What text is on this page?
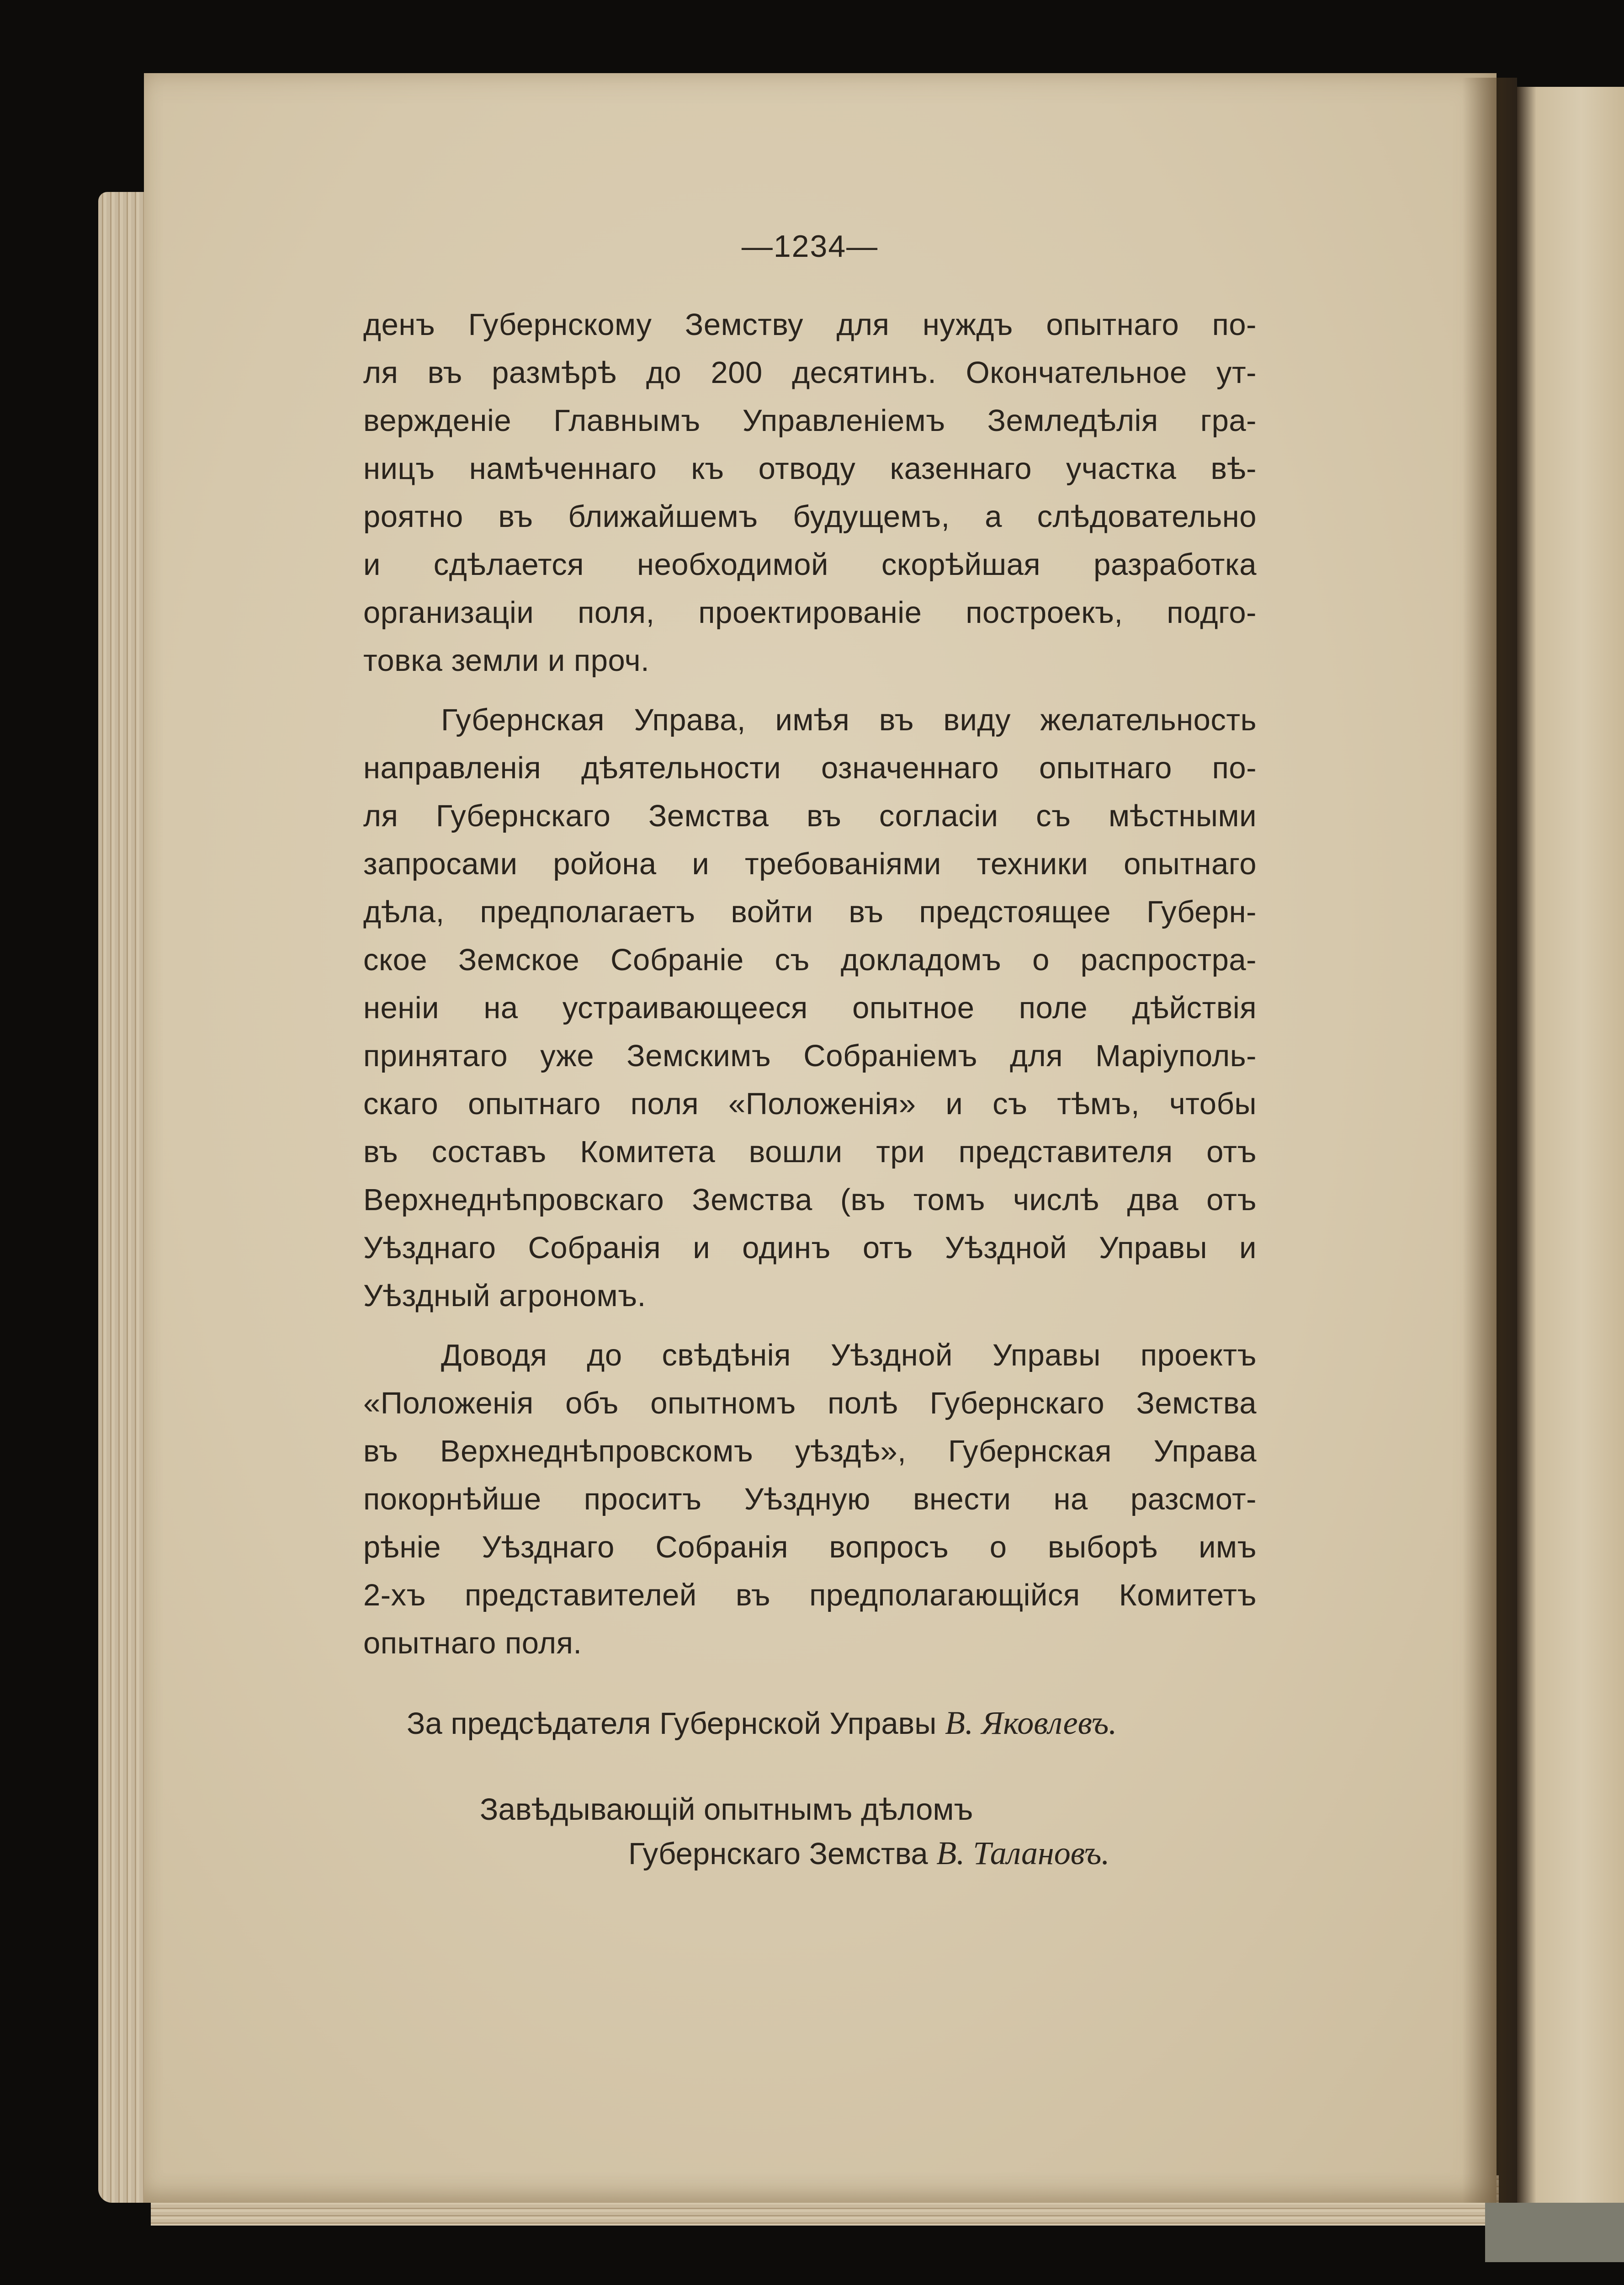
—1234—
денъ Губернскому Земству для нуждъ опытнаго по-
ля въ размѣрѣ до 200 десятинъ. Окончательное ут-
вержденіе Главнымъ Управленіемъ Земледѣлія гра-
ницъ намѣченнаго къ отводу казеннаго участка вѣ-
роятно въ ближайшемъ будущемъ, а слѣдовательно
и сдѣлается необходимой скорѣйшая разработка
организаціи поля, проектированіе построекъ, подго-
товка земли и проч.
Губернская Управа, имѣя въ виду желательность
направленія дѣятельности означеннаго опытнаго по-
ля Губернскаго Земства въ согласіи съ мѣстными
запросами ройона и требованіями техники опытнаго
дѣла, предполагаетъ войти въ предстоящее Губерн-
ское Земское Собраніе съ докладомъ о распростра-
неніи на устраивающееся опытное поле дѣйствія
принятаго уже Земскимъ Собраніемъ для Маріуполь-
скаго опытнаго поля «Положенія» и съ тѣмъ, чтобы
въ составъ Комитета вошли три представителя отъ
Верхнеднѣпровскаго Земства (въ томъ числѣ два отъ
Уѣзднаго Собранія и одинъ отъ Уѣздной Управы и
Уѣздный агрономъ.
Доводя до свѣдѣнія Уѣздной Управы проектъ
«Положенія объ опытномъ полѣ Губернскаго Земства
въ Верхнеднѣпровскомъ уѣздѣ», Губернская Управа
покорнѣйше проситъ Уѣздную внести на разсмот-
рѣніе Уѣзднаго Собранія вопросъ о выборѣ имъ
2-хъ представителей въ предполагающійся Комитетъ
опытнаго поля.
За предсѣдателя Губернской Управы В. Яковлевъ.
Завѣдывающій опытнымъ дѣломъ
Губернскаго Земства В. Талановъ.
